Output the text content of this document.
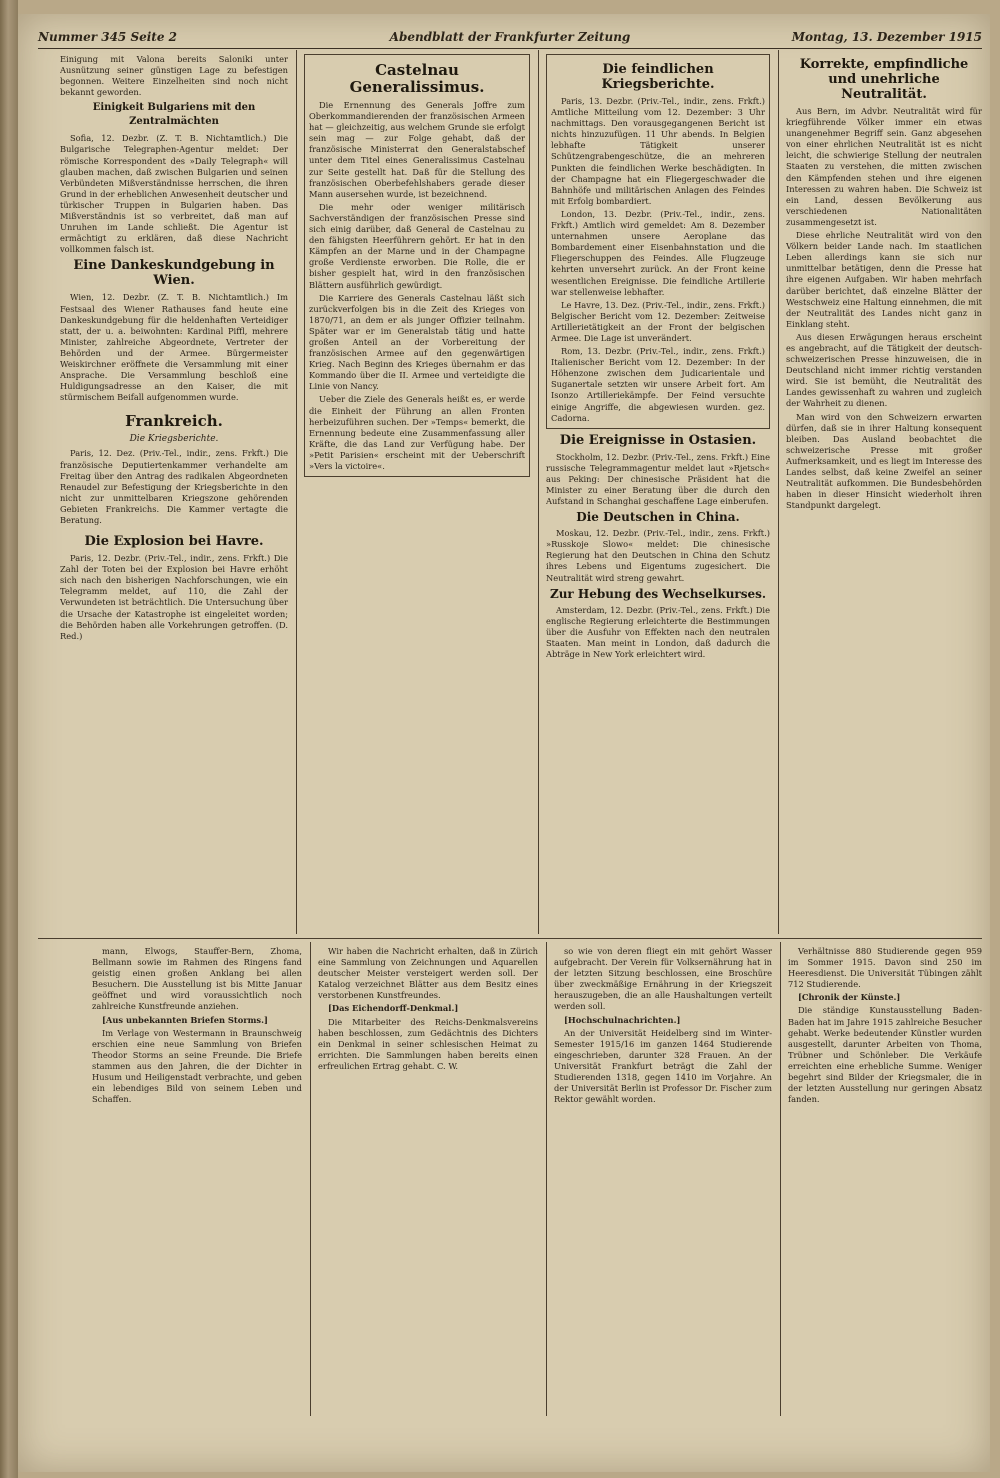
Nummer 345 Seite 2	Abendblatt der Frankfurter Zeitung	Montag, 13. Dezember 1915

Einigung mit Valona bereits Saloniki unter Ausnützung seiner günstigen Lage zu befestigen begonnen. Weitere Einzelheiten sind noch nicht bekannt geworden.

Einigkeit Bulgariens mit den Zentralmächten

Sofia, 12. Dezbr. (Z. T. B. Nichtamtlich.) Die Bulgarische Telegraphen-Agentur meldet: Der römische Korrespondent des »Daily Telegraph« will glauben machen, daß zwischen Bulgarien und seinen Verbündeten Mißverständnisse herrschen, die ihren Grund in der erheblichen Anwesenheit deutscher und türkischer Truppen in Bulgarien haben. Das Mißverständnis ist so verbreitet, daß man auf Unruhen im Lande schließt. Die Agentur ist ermächtigt zu erklären, daß diese Nachricht vollkommen falsch ist.

Eine Dankeskundgebung in Wien.

Wien, 12. Dezbr. (Z. T. B. Nichtamtlich.) Im Festsaal des Wiener Rathauses fand heute eine Dankeskundgebung für die heldenhaften Verteidiger statt, der u. a. beiwohnten: Kardinal Piffl, mehrere Minister, zahlreiche Abgeordnete, Vertreter der Behörden und der Armee. Bürgermeister Weiskirchner eröffnete die Versammlung mit einer Ansprache. Die Versammlung beschloß eine Huldigungsadresse an den Kaiser, die mit stürmischem Beifall aufgenommen wurde.

Frankreich.
Die Kriegsberichte.

Paris, 12. Dez. (Priv.-Tel., indir., zens. Frkft.) Die französische Deputiertenkammer verhandelte am Freitag über den Antrag des radikalen Abgeordneten Renaudel zur Befestigung der Kriegsberichte in den nicht zur unmittelbaren Kriegszone gehörenden Gebieten Frankreichs. Die Kammer vertagte die Beratung.

Die Explosion bei Havre.

Paris, 12. Dezbr. (Priv.-Tel., indir., zens. Frkft.) Die Zahl der Toten bei der Explosion bei Havre erhöht sich nach den bisherigen Nachforschungen, wie ein Telegramm meldet, auf 110, die Zahl der Verwundeten ist beträchtlich. Die Untersuchung über die Ursache der Katastrophe ist eingeleitet worden; die Behörden haben alle Vorkehrungen getroffen. (D. Red.)

Castelnau Generalissimus.

Die Ernennung des Generals Joffre zum Oberkommandierenden der französischen Armeen hat — gleichzeitig, aus welchem Grunde sie erfolgt sein mag — zur Folge gehabt, daß der französische Ministerrat den Generalstabschef unter dem Titel eines Generalissimus Castelnau zur Seite gestellt hat. Daß für die Stellung des französischen Oberbefehlshabers gerade dieser Mann ausersehen wurde, ist bezeichnend.

Die mehr oder weniger militärisch Sachverständigen der französischen Presse sind sich einig darüber, daß General de Castelnau zu den fähigsten Heerführern gehört. Er hat in den Kämpfen an der Marne und in der Champagne große Verdienste erworben. Die Rolle, die er bisher gespielt hat, wird in den französischen Blättern ausführlich gewürdigt.

Die Karriere des Generals Castelnau läßt sich zurückverfolgen bis in die Zeit des Krieges von 1870/71, an dem er als junger Offizier teilnahm. Später war er im Generalstab tätig und hatte großen Anteil an der Vorbereitung der französischen Armee auf den gegenwärtigen Krieg. Nach Beginn des Krieges übernahm er das Kommando über die II. Armee und verteidigte die Linie von Nancy.

Ueber die Ziele des Generals heißt es, er werde die Einheit der Führung an allen Fronten herbeizuführen suchen. Der »Temps« bemerkt, die Ernennung bedeute eine Zusammenfassung aller Kräfte, die das Land zur Verfügung habe. Der »Petit Parisien« erscheint mit der Ueberschrift »Vers la victoire«.

Die feindlichen Kriegsberichte.

Paris, 13. Dezbr. (Priv.-Tel., indir., zens. Frkft.) Amtliche Mitteilung vom 12. Dezember: 3 Uhr nachmittags. Den vorausgegangenen Bericht ist nichts hinzuzufügen. 11 Uhr abends. In Belgien lebhafte Tätigkeit unserer Schützengrabengeschütze, die an mehreren Punkten die feindlichen Werke beschädigten. In der Champagne hat ein Fliegergeschwader die Bahnhöfe und militärischen Anlagen des Feindes mit Erfolg bombardiert.

London, 13. Dezbr. (Priv.-Tel., indir., zens. Frkft.) Amtlich wird gemeldet: Am 8. Dezember unternahmen unsere Aeroplane das Bombardement einer Eisenbahnstation und die Fliegerschuppen des Feindes. Alle Flugzeuge kehrten unversehrt zurück. An der Front keine wesentlichen Ereignisse. Die feindliche Artillerie war stellenweise lebhafter.

Le Havre, 13. Dez. (Priv.-Tel., indir., zens. Frkft.) Belgischer Bericht vom 12. Dezember: Zeitweise Artillerietätigkeit an der Front der belgischen Armee. Die Lage ist unverändert.

Rom, 13. Dezbr. (Priv.-Tel., indir., zens. Frkft.) Italienischer Bericht vom 12. Dezember: In der Höhenzone zwischen dem Judicarientale und Suganertale setzten wir unsere Arbeit fort. Am Isonzo Artilleriekämpfe. Der Feind versuchte einige Angriffe, die abgewiesen wurden. gez. Cadorna.

Die Ereignisse in Ostasien.

Stockholm, 12. Dezbr. (Priv.-Tel., zens. Frkft.) Eine russische Telegrammagentur meldet laut »Rjetsch« aus Peking: Der chinesische Präsident hat die Minister zu einer Beratung über die durch den Aufstand in Schanghai geschaffene Lage einberufen.

Die Deutschen in China.

Moskau, 12. Dezbr. (Priv.-Tel., indir., zens. Frkft.) »Russkoje Slowo« meldet: Die chinesische Regierung hat den Deutschen in China den Schutz ihres Lebens und Eigentums zugesichert. Die Neutralität wird streng gewahrt.

Zur Hebung des Wechselkurses.

Amsterdam, 12. Dezbr. (Priv.-Tel., zens. Frkft.) Die englische Regierung erleichterte die Bestimmungen über die Ausfuhr von Effekten nach den neutralen Staaten. Man meint in London, daß dadurch die Abträge in New York erleichtert wird.

Korrekte, empfindliche und unehrliche Neutralität.

Aus Bern, im Advbr. Neutralität wird für kriegführende Völker immer ein etwas unangenehmer Begriff sein. Ganz abgesehen von einer ehrlichen Neutralität ist es nicht leicht, die schwierige Stellung der neutralen Staaten zu verstehen, die mitten zwischen den Kämpfenden stehen und ihre eigenen Interessen zu wahren haben. Die Schweiz ist ein Land, dessen Bevölkerung aus verschiedenen Nationalitäten zusammengesetzt ist.

Diese ehrliche Neutralität wird von den Völkern beider Lande nach. Im staatlichen Leben allerdings kann sie sich nur unmittelbar betätigen, denn die Presse hat ihre eigenen Aufgaben. Wir haben mehrfach darüber berichtet, daß einzelne Blätter der Westschweiz eine Haltung einnehmen, die mit der Neutralität des Landes nicht ganz in Einklang steht.

Aus diesen Erwägungen heraus erscheint es angebracht, auf die Tätigkeit der deutsch-schweizerischen Presse hinzuweisen, die in Deutschland nicht immer richtig verstanden wird. Sie ist bemüht, die Neutralität des Landes gewissenhaft zu wahren und zugleich der Wahrheit zu dienen.

Man wird von den Schweizern erwarten dürfen, daß sie in ihrer Haltung konsequent bleiben. Das Ausland beobachtet die schweizerische Presse mit großer Aufmerksamkeit, und es liegt im Interesse des Landes selbst, daß keine Zweifel an seiner Neutralität aufkommen. Die Bundesbehörden haben in dieser Hinsicht wiederholt ihren Standpunkt dargelegt.

mann, Elwogs, Stauffer-Bern, Zhoma, Bellmann sowie im Rahmen des Ringens fand geistig einen großen Anklang bei allen Besuchern. Die Ausstellung ist bis Mitte Januar geöffnet und wird voraussichtlich noch zahlreiche Kunstfreunde anziehen.

[Aus unbekannten Briefen Storms.]

Im Verlage von Westermann in Braunschweig erschien eine neue Sammlung von Briefen Theodor Storms an seine Freunde. Die Briefe stammen aus den Jahren, die der Dichter in Husum und Heiligenstadt verbrachte, und geben ein lebendiges Bild von seinem Leben und Schaffen.

Wir haben die Nachricht erhalten, daß in Zürich eine Sammlung von Zeichnungen und Aquarellen deutscher Meister versteigert werden soll. Der Katalog verzeichnet Blätter aus dem Besitz eines verstorbenen Kunstfreundes.

[Das Eichendorff-Denkmal.]

Die Mitarbeiter des Reichs-Denkmalsvereins haben beschlossen, zum Gedächtnis des Dichters ein Denkmal in seiner schlesischen Heimat zu errichten. Die Sammlungen haben bereits einen erfreulichen Ertrag gehabt. C. W.

so wie von deren fliegt ein mit gehört Wasser aufgebracht. Der Verein für Volksernährung hat in der letzten Sitzung beschlossen, eine Broschüre über zweckmäßige Ernährung in der Kriegszeit herauszugeben, die an alle Haushaltungen verteilt werden soll.

[Hochschulnachrichten.]

An der Universität Heidelberg sind im Winter-Semester 1915/16 im ganzen 1464 Studierende eingeschrieben, darunter 328 Frauen. An der Universität Frankfurt beträgt die Zahl der Studierenden 1318, gegen 1410 im Vorjahre. An der Universität Berlin ist Professor Dr. Fischer zum Rektor gewählt worden.

Verhältnisse 880 Studierende gegen 959 im Sommer 1915. Davon sind 250 im Heeresdienst. Die Universität Tübingen zählt 712 Studierende.

[Chronik der Künste.]

Die ständige Kunstausstellung Baden-Baden hat im Jahre 1915 zahlreiche Besucher gehabt. Werke bedeutender Künstler wurden ausgestellt, darunter Arbeiten von Thoma, Trübner und Schönleber. Die Verkäufe erreichten eine erhebliche Summe. Weniger begehrt sind Bilder der Kriegsmaler, die in der letzten Ausstellung nur geringen Absatz fanden.
